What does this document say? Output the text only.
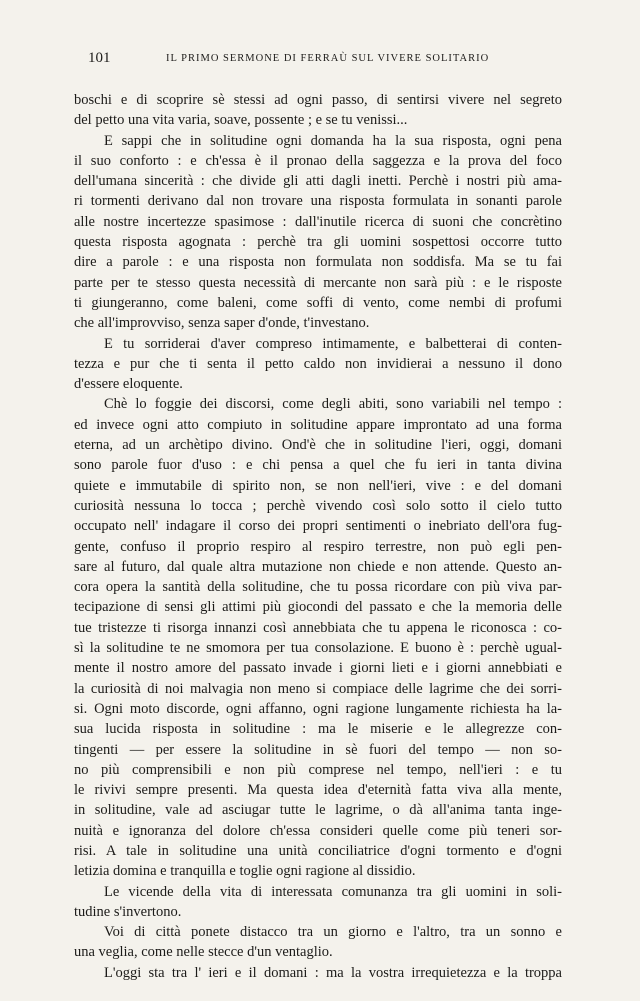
101	IL PRIMO SERMONE DI FERRAÙ SUL VIVERE SOLITARIO
boschi e di scoprire sè stessi ad ogni passo, di sentirsi vivere nel segreto
del petto una vita varia, soave, possente ; e se tu venissi...
E sappi che in solitudine ogni domanda ha la sua risposta, ogni pena
il suo conforto : e ch'essa è il pronao della saggezza e la prova del foco
dell'umana sincerità : che divide gli atti dagli inetti. Perchè i nostri più ama-
ri tormenti derivano dal non trovare una risposta formulata in sonanti parole
alle nostre incertezze spasimose : dall'inutile ricerca di suoni che concrètino
questa risposta agognata : perchè tra gli uomini sospettosi occorre tutto
dire a parole : e una risposta non formulata non soddisfa. Ma se tu fai
parte per te stesso questa necessità di mercante non sarà più : e le risposte
ti giungeranno, come baleni, come soffi di vento, come nembi di profumi
che all'improvviso, senza saper d'onde, t'investano.
E tu sorriderai d'aver compreso intimamente, e balbetterai di conten-
tezza e pur che ti senta il petto caldo non invidierai a nessuno il dono
d'essere eloquente.
Chè lo foggie dei discorsi, come degli abiti, sono variabili nel tempo :
ed invece ogni atto compiuto in solitudine appare improntato ad una forma
eterna, ad un archètipo divino. Ond'è che in solitudine l'ieri, oggi, domani
sono parole fuor d'uso : e chi pensa a quel che fu ieri in tanta divina
quiete e immutabile di spirito non, se non nell'ieri, vive : e del domani
curiosità nessuna lo tocca ; perchè vivendo così solo sotto il cielo tutto
occupato nell' indagare il corso dei propri sentimenti o inebriato dell'ora fug-
gente, confuso il proprio respiro al respiro terrestre, non può egli pen-
sare al futuro, dal quale altra mutazione non chiede e non attende. Questo an-
cora opera la santità della solitudine, che tu possa ricordare con più viva par-
tecipazione di sensi gli attimi più giocondi del passato e che la memoria delle
tue tristezze ti risorga innanzi così annebbiata che tu appena le riconosca : co-
sì la solitudine te ne smomora per tua consolazione. E buono è : perchè ugual-
mente il nostro amore del passato invade i giorni lieti e i giorni annebbiati e
la curiosità di noi malvagia non meno si compiace delle lagrime che dei sorri-
si. Ogni moto discorde, ogni affanno, ogni ragione lungamente richiesta ha la-
sua lucida risposta in solitudine : ma le miserie e le allegrezze con-
tingenti — per essere la solitudine in sè fuori del tempo — non so-
no più comprensibili e non più comprese nel tempo, nell'ieri : e tu
le rivivi sempre presenti. Ma questa idea d'eternità fatta viva alla mente,
in solitudine, vale ad asciugar tutte le lagrime, o dà all'anima tanta inge-
nuità e ignoranza del dolore ch'essa consideri quelle come più teneri sor-
risi. A tale in solitudine una unità conciliatrice d'ogni tormento e d'ogni
letizia domina e tranquilla e toglie ogni ragione al dissidio.
Le vicende della vita di interessata comunanza tra gli uomini in soli-
tudine s'invertono.
Voi di città ponete distacco tra un giorno e l'altro, tra un sonno e
una veglia, come nelle stecce d'un ventaglio.
L'oggi sta tra l' ieri e il domani : ma la vostra irrequietezza e la troppa
